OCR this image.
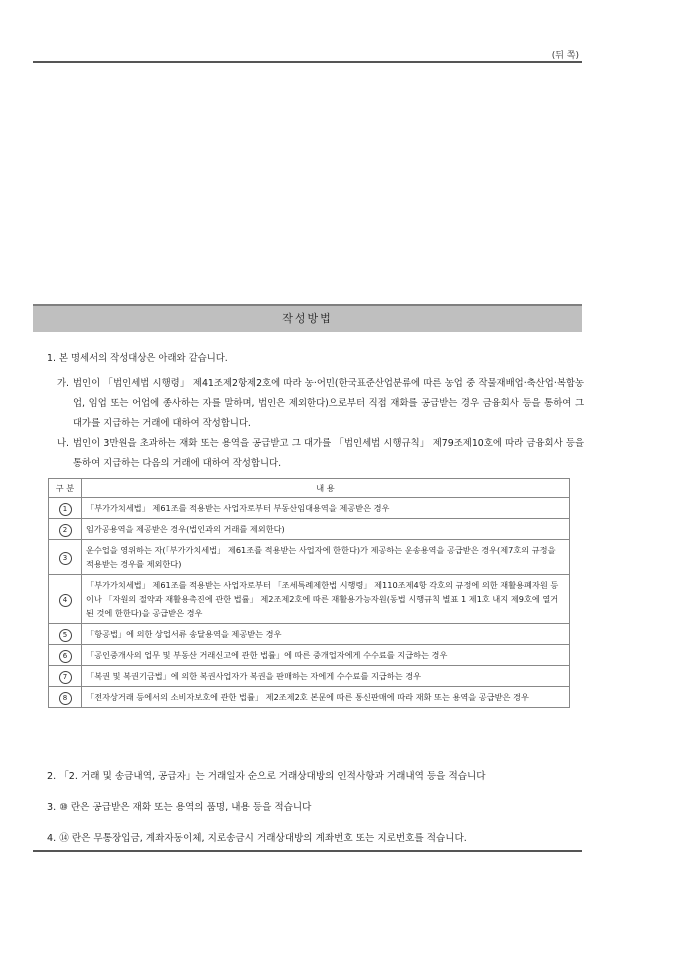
(뒤 쪽)
작성방법
1. 본 명세서의 작성대상은 아래와 같습니다.
가. 법인이 「법인세법 시행령」 제41조제2항제2호에 따라 농·어민(한국표준산업분류에 따른 농업 중 작물재배업·축산업·복합농업, 임업 또는 어업에 종사하는 자를 말하며, 법인은 제외한다)으로부터 직접 재화를 공급받는 경우 금융회사 등을 통하여 그 대가를 지급하는 거래에 대하여 작성합니다.
나. 법인이 3만원을 초과하는 재화 또는 용역을 공급받고 그 대가를 「법인세법 시행규칙」 제79조제10호에 따라 금융회사 등을 통하여 지급하는 다음의 거래에 대하여 작성합니다.
구 분	내 용
1	「부가가치세법」 제61조를 적용받는 사업자로부터 부동산임대용역을 제공받은 경우
2	임가공용역을 제공받은 경우(법인과의 거래를 제외한다)
3	운수업을 영위하는 자(「부가가치세법」 제61조를 적용받는 사업자에 한한다)가 제공하는 운송용역을 공급받은 경우(제7호의 규정을 적용받는 경우를 제외한다)
4	「부가가치세법」 제61조를 적용받는 사업자로부터 「조세특례제한법 시행령」 제110조제4항 각호의 규정에 의한 재활용폐자원 등이나 「자원의 절약과 재활용촉진에 관한 법률」 제2조제2호에 따른 재활용가능자원(동법 시행규칙 별표 1 제1호 내지 제9호에 열거된 것에 한한다)을 공급받은 경우
5	「항공법」에 의한 상업서류 송달용역을 제공받는 경우
6	「공인중개사의 업무 및 부동산 거래신고에 관한 법률」에 따른 중개업자에게 수수료를 지급하는 경우
7	「복권 및 복권기금법」에 의한 복권사업자가 복권을 판매하는 자에게 수수료를 지급하는 경우
8	「전자상거래 등에서의 소비자보호에 관한 법률」 제2조제2호 본문에 따른 통신판매에 따라 재화 또는 용역을 공급받은 경우
2. 「2. 거래 및 송금내역, 공급자」는 거래일자 순으로 거래상대방의 인적사항과 거래내역 등을 적습니다
3. ⑩ 란은 공급받은 재화 또는 용역의 품명, 내용 등을 적습니다
4. ⑭ 란은 무통장입금, 계좌자동이체, 지로송금시 거래상대방의 계좌번호 또는 지로번호를 적습니다.
